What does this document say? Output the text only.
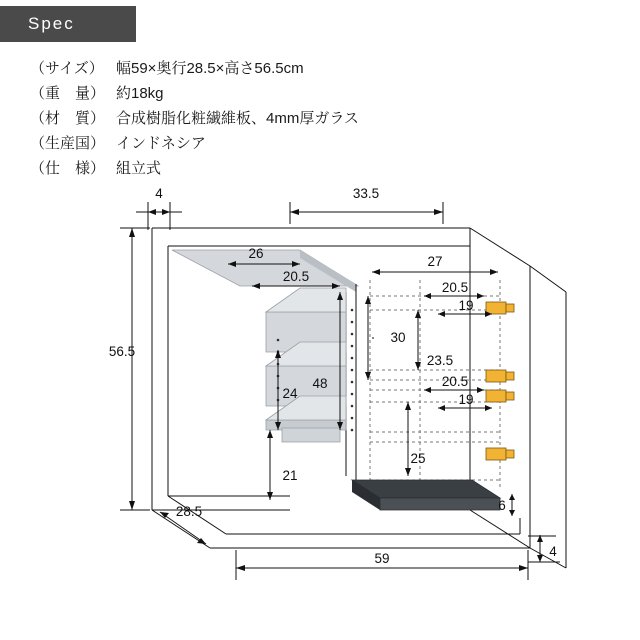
Spec
（サイズ） 幅59×奥行28.5×高さ56.5cm
（重　量） 約18kg
（材　質） 合成樹脂化粧繊維板、4mm厚ガラス
（生産国） インドネシア
（仕　様） 組立式
4	33.5
26
20.5
27
56.5
20.5
19
30
23.5
48
24
20.5
19
25
21
28.5	6
4
59
